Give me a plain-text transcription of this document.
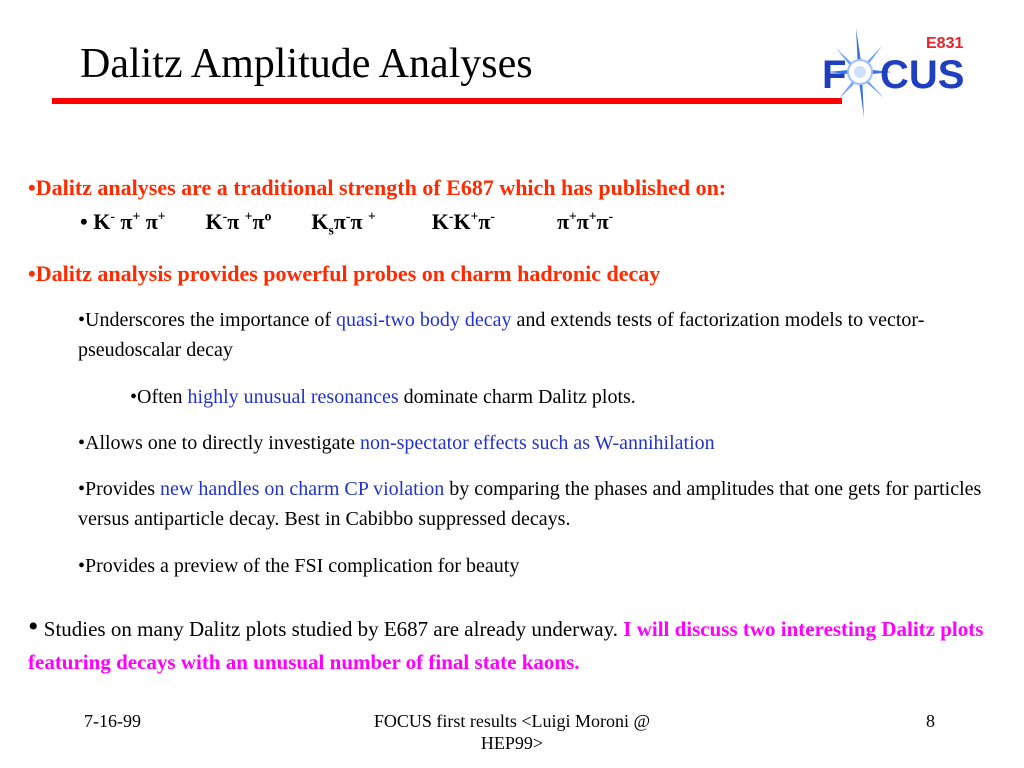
Dalitz Amplitude Analyses	F CUS
E831
•Dalitz analyses are a traditional strength of E687 which has published on:
• K- π+ π+ K-π $^+\pi^o$ $K_s\pi^-\pi$ +	K-K+π-	π+π+π-
•Dalitz analysis provides powerful probes on charm hadronic decay
•Underscores the importance of quasi-two body decay and extends tests of factorization models to vector-pseudoscalar decay
•Often highly unusual resonances dominate charm Dalitz plots.
•Allows one to directly investigate non-spectator effects such as W-annihilation
•Provides new handles on charm CP violation by comparing the phases and amplitudes that one gets for particles versus antiparticle decay. Best in Cabibbo suppressed decays.
•Provides a preview of the FSI complication for beauty
• Studies on many Dalitz plots studied by E687 are already underway. I will discuss two interesting Dalitz plots featuring decays with an unusual number of final state kaons.
7-16-99	FOCUS first results <Luigi Moroni @ HEP99>
8
